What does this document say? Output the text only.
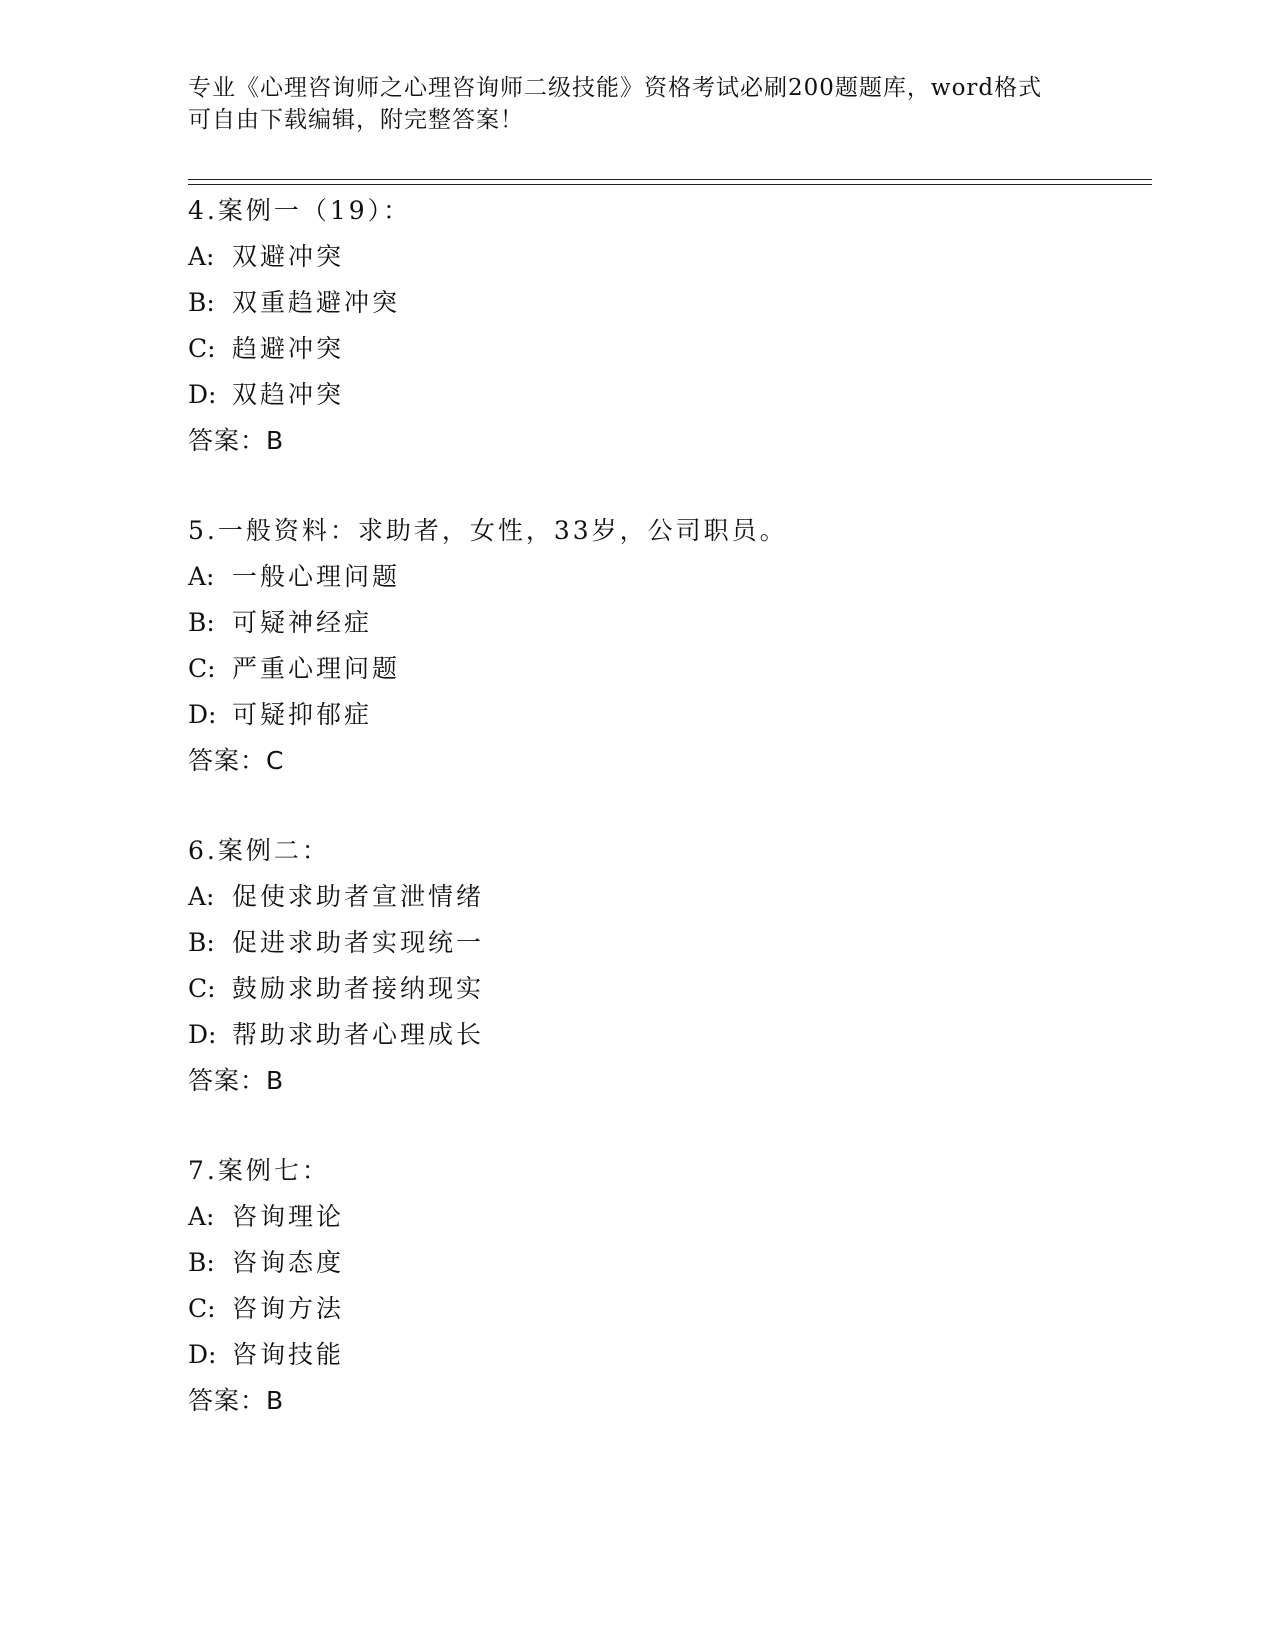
专业《心理咨询师之心理咨询师二级技能》资格考试必刷200题题库，word格式
可自由下载编辑，附完整答案！
4.案例一（19）：
A: 双避冲突
B: 双重趋避冲突
C: 趋避冲突
D: 双趋冲突
答案：B
5.一般资料：求助者，女性，33岁，公司职员。
A: 一般心理问题
B: 可疑神经症
C: 严重心理问题
D: 可疑抑郁症
答案：C
6.案例二：
A: 促使求助者宣泄情绪
B: 促进求助者实现统一
C: 鼓励求助者接纳现实
D: 帮助求助者心理成长
答案：B
7.案例七：
A: 咨询理论
B: 咨询态度
C: 咨询方法
D: 咨询技能
答案：B
